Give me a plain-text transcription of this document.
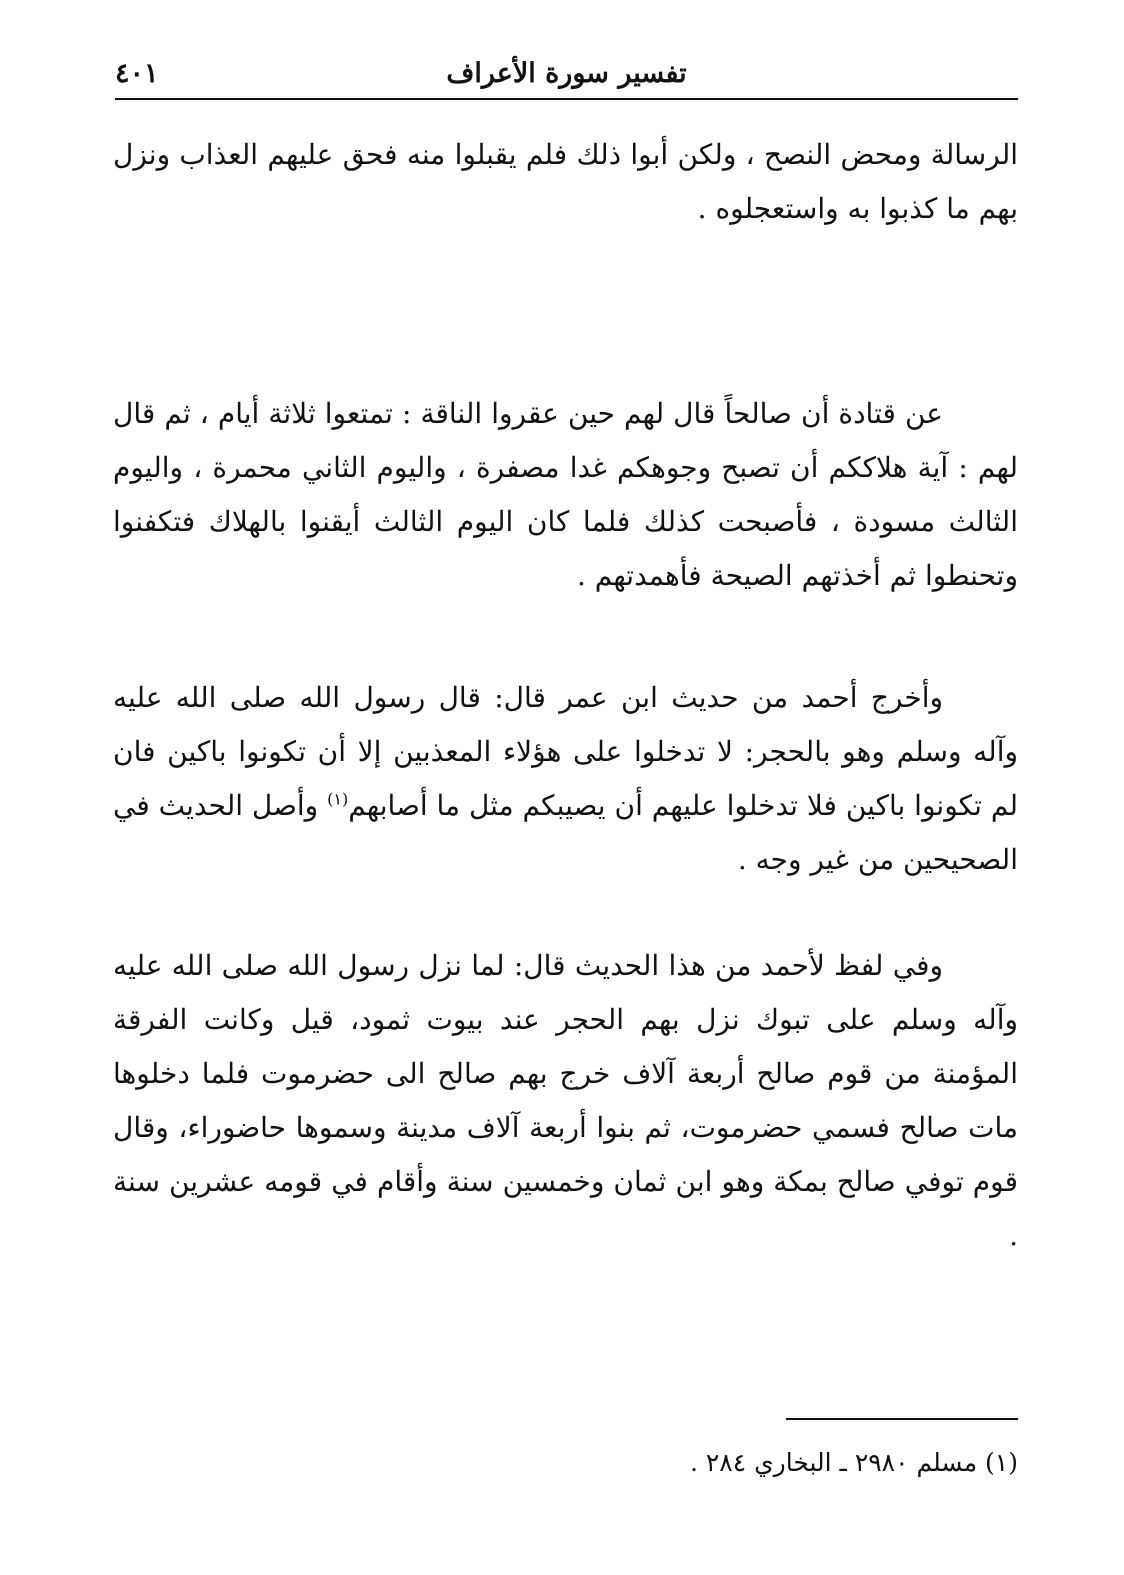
تفسير سورة الأعراف
٤٠١

الرسالة ومحض النصح ، ولكن أبوا ذلك فلم يقبلوا منه فحق عليهم العذاب ونزل بهم ما كذبوا به واستعجلوه .

عن قتادة أن صالحاً قال لهم حين عقروا الناقة : تمتعوا ثلاثة أيام ، ثم قال لهم : آية هلاككم أن تصبح وجوهكم غدا مصفرة ، واليوم الثاني محمرة ، واليوم الثالث مسودة ، فأصبحت كذلك فلما كان اليوم الثالث أيقنوا بالهلاك فتكفنوا وتحنطوا ثم أخذتهم الصيحة فأهمدتهم .

وأخرج أحمد من حديث ابن عمر قال: قال رسول الله صلى الله عليه وآله وسلم وهو بالحجر: لا تدخلوا على هؤلاء المعذبين إلا أن تكونوا باكين فان لم تكونوا باكين فلا تدخلوا عليهم أن يصيبكم مثل ما أصابهم$^{(١)}$ وأصل الحديث في الصحيحين من غير وجه .

وفي لفظ لأحمد من هذا الحديث قال: لما نزل رسول الله صلى الله عليه وآله وسلم على تبوك نزل بهم الحجر عند بيوت ثمود، قيل وكانت الفرقة المؤمنة من قوم صالح أربعة آلاف خرج بهم صالح الى حضرموت فلما دخلوها مات صالح فسمي حضرموت، ثم بنوا أربعة آلاف مدينة وسموها حاضوراء، وقال قوم توفي صالح بمكة وهو ابن ثمان وخمسين سنة وأقام في قومه عشرين سنة .

(١) مسلم ٢٩٨٠ ـ البخاري ٢٨٤ .
